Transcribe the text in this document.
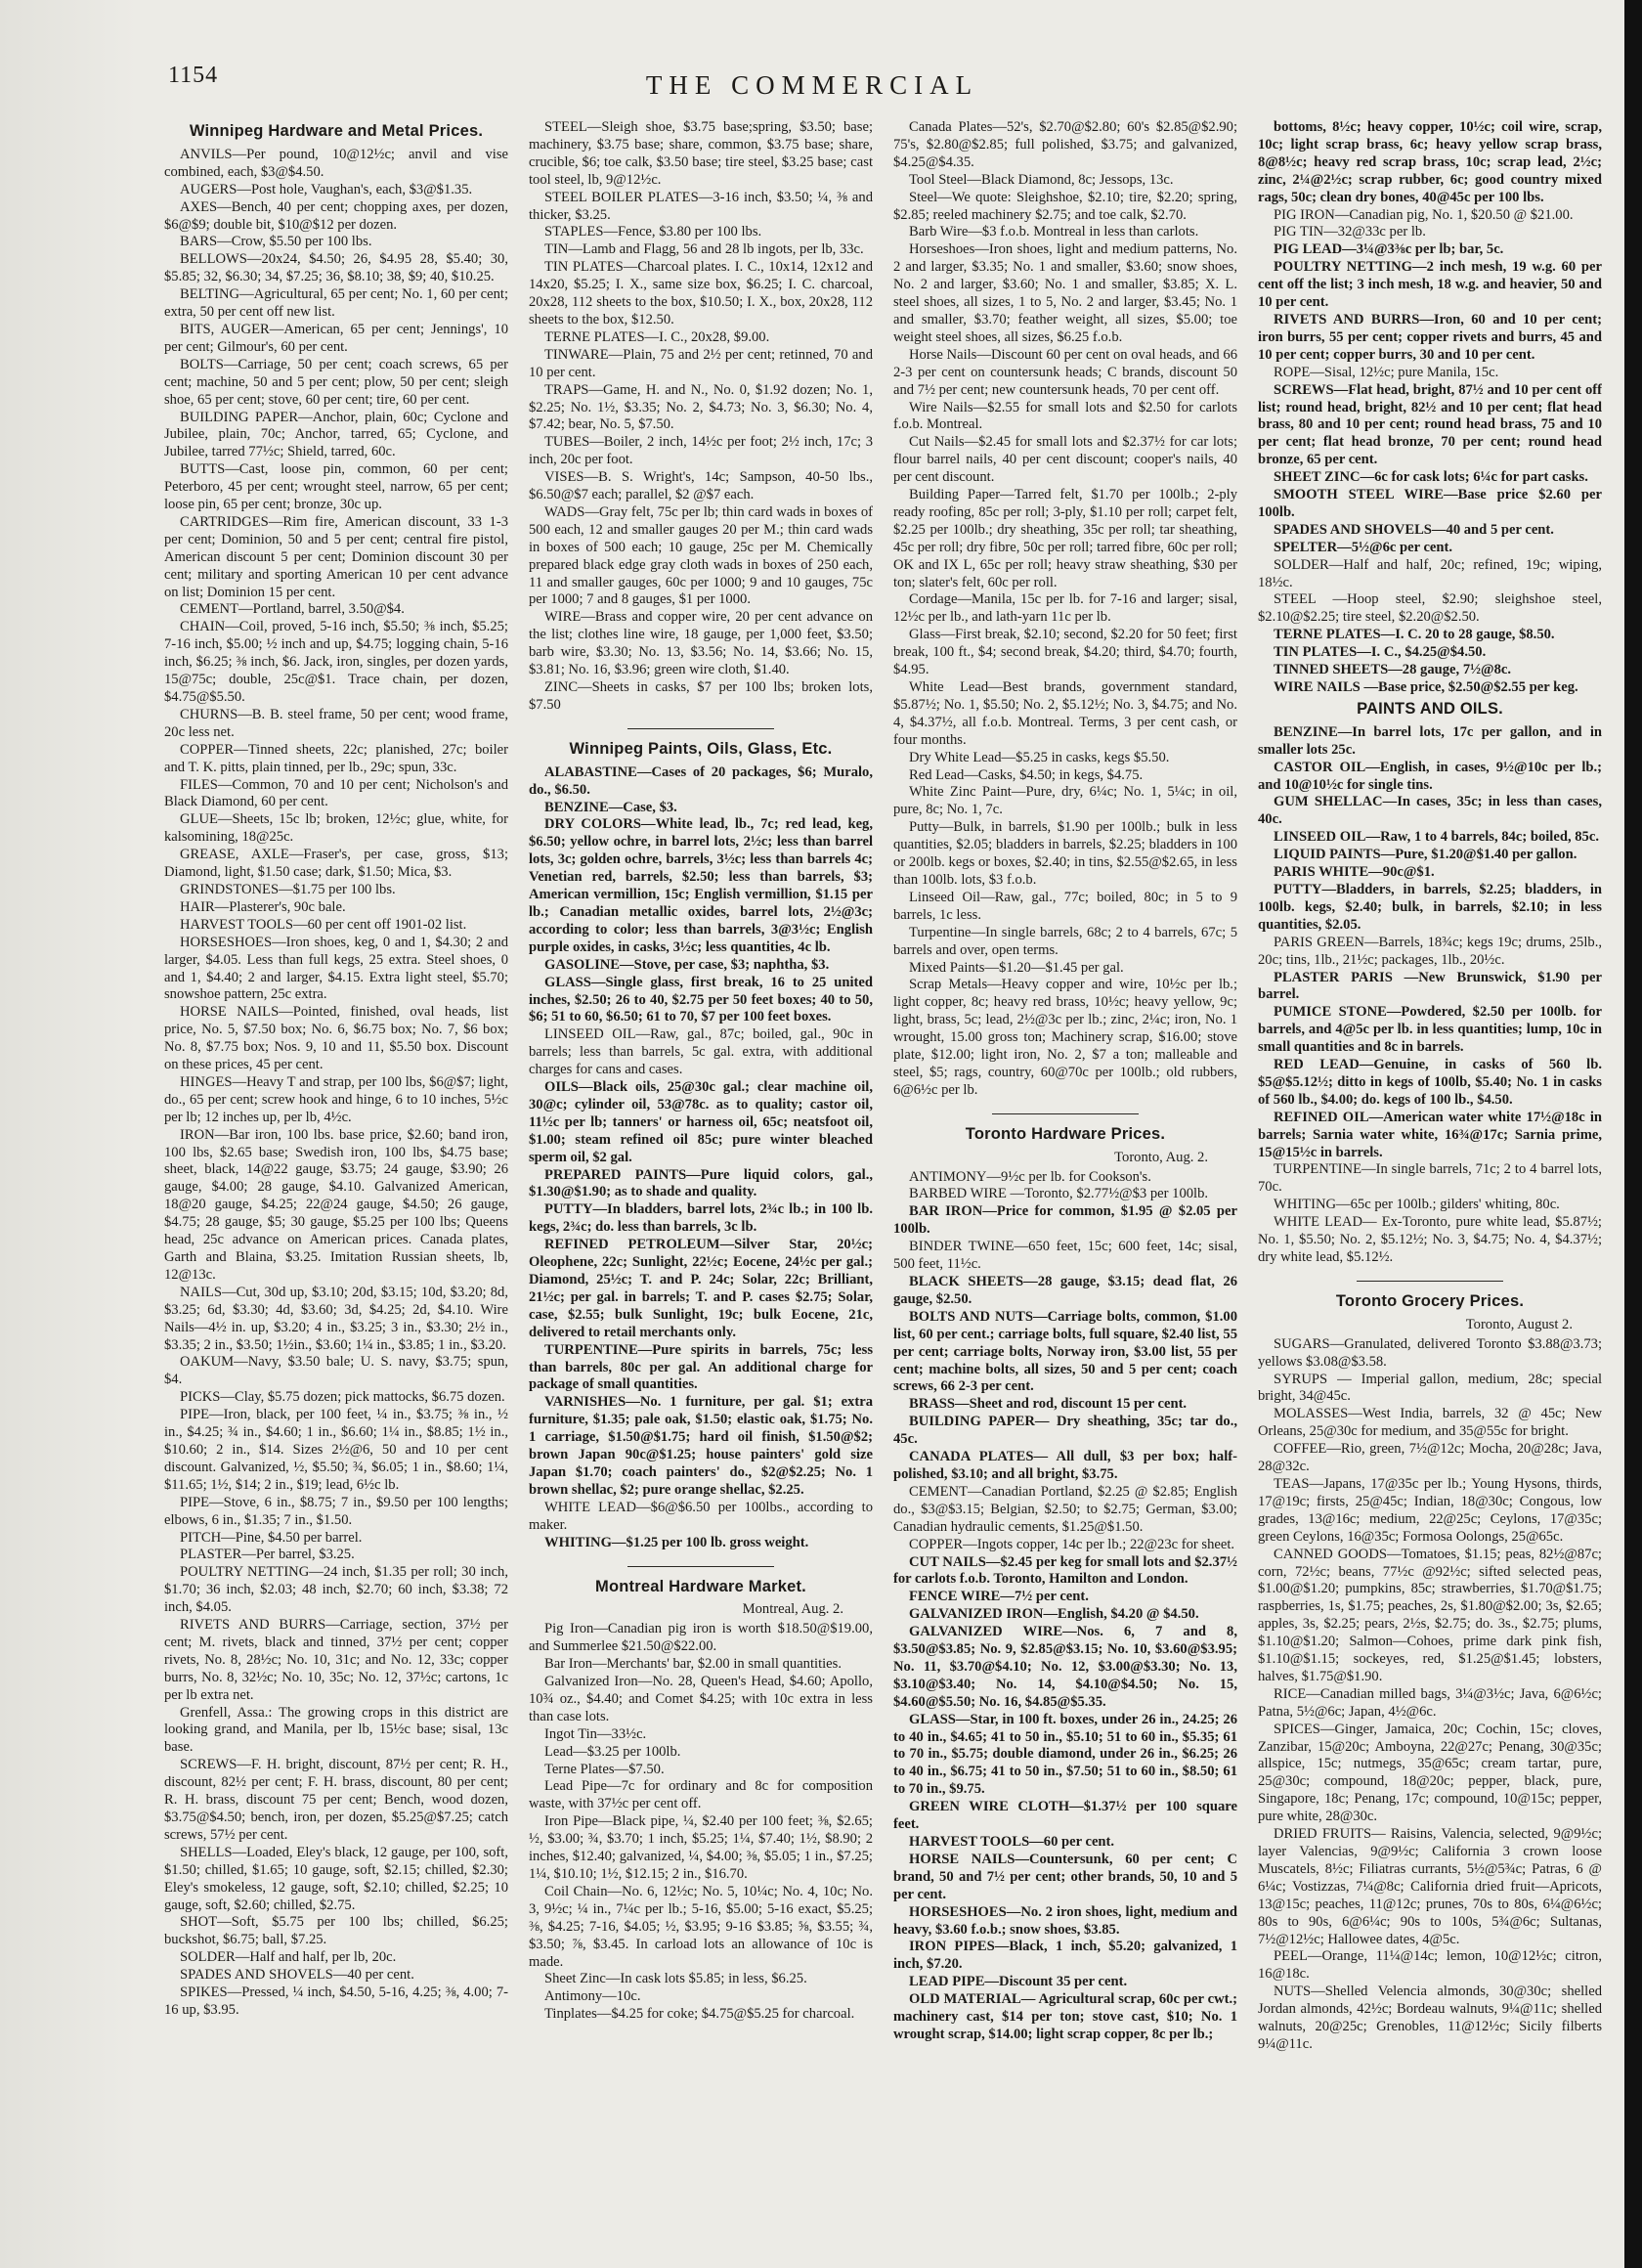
1154	THE COMMERCIAL
Winnipeg Hardware and Metal Prices.

ANVILS—Per pound, 10@12½c; anvil and vise combined, each, $3@$4.50.

AUGERS—Post hole, Vaughan's, each, $3@$1.35.

AXES—Bench, 40 per cent; chopping axes, per dozen, $6@$9; double bit, $10@$12 per dozen.

BARS—Crow, $5.50 per 100 lbs.

BELLOWS—20x24, $4.50; 26, $4.95 28, $5.40; 30, $5.85; 32, $6.30; 34, $7.25; 36, $8.10; 38, $9; 40, $10.25.

BELTING—Agricultural, 65 per cent; No. 1, 60 per cent; extra, 50 per cent off new list.

BITS, AUGER—American, 65 per cent; Jennings', 10 per cent; Gilmour's, 60 per cent.

BOLTS—Carriage, 50 per cent; coach screws, 65 per cent; machine, 50 and 5 per cent; plow, 50 per cent; sleigh shoe, 65 per cent; stove, 60 per cent; tire, 60 per cent.

BUILDING PAPER—Anchor, plain, 60c; Cyclone and Jubilee, plain, 70c; Anchor, tarred, 65; Cyclone, and Jubilee, tarred 77½c; Shield, tarred, 60c.

BUTTS—Cast, loose pin, common, 60 per cent; Peterboro, 45 per cent; wrought steel, narrow, 65 per cent; loose pin, 65 per cent; bronze, 30c up.

CARTRIDGES—Rim fire, American discount, 33 1-3 per cent; Dominion, 50 and 5 per cent; central fire pistol, American discount 5 per cent; Dominion discount 30 per cent; military and sporting American 10 per cent advance on list; Dominion 15 per cent.

CEMENT—Portland, barrel, 3.50@$4.

CHAIN—Coil, proved, 5-16 inch, $5.50; ⅜ inch, $5.25; 7-16 inch, $5.00; ½ inch and up, $4.75; logging chain, 5-16 inch, $6.25; ⅜ inch, $6. Jack, iron, singles, per dozen yards, 15@75c; double, 25c@$1. Trace chain, per dozen, $4.75@$5.50.

CHURNS—B. B. steel frame, 50 per cent; wood frame, 20c less net.

COPPER—Tinned sheets, 22c; planished, 27c; boiler and T. K. pitts, plain tinned, per lb., 29c; spun, 33c.

FILES—Common, 70 and 10 per cent; Nicholson's and Black Diamond, 60 per cent.

GLUE—Sheets, 15c lb; broken, 12½c; glue, white, for kalsomining, 18@25c.

GREASE, AXLE—Fraser's, per case, gross, $13; Diamond, light, $1.50 case; dark, $1.50; Mica, $3.

GRINDSTONES—$1.75 per 100 lbs.

HAIR—Plasterer's, 90c bale.

HARVEST TOOLS—60 per cent off 1901-02 list.

HORSESHOES—Iron shoes, keg, 0 and 1, $4.30; 2 and larger, $4.05. Less than full kegs, 25 extra. Steel shoes, 0 and 1, $4.40; 2 and larger, $4.15. Extra light steel, $5.70; snowshoe pattern, 25c extra.

HORSE NAILS—Pointed, finished, oval heads, list price, No. 5, $7.50 box; No. 6, $6.75 box; No. 7, $6 box; No. 8, $7.75 box; Nos. 9, 10 and 11, $5.50 box. Discount on these prices, 45 per cent.

HINGES—Heavy T and strap, per 100 lbs, $6@$7; light, do., 65 per cent; screw hook and hinge, 6 to 10 inches, 5½c per lb; 12 inches up, per lb, 4½c.

IRON—Bar iron, 100 lbs. base price, $2.60; band iron, 100 lbs, $2.65 base; Swedish iron, 100 lbs, $4.75 base; sheet, black, 14@22 gauge, $3.75; 24 gauge, $3.90; 26 gauge, $4.00; 28 gauge, $4.10. Galvanized American, 18@20 gauge, $4.25; 22@24 gauge, $4.50; 26 gauge, $4.75; 28 gauge, $5; 30 gauge, $5.25 per 100 lbs; Queens head, 25c advance on American prices. Canada plates, Garth and Blaina, $3.25. Imitation Russian sheets, lb, 12@13c.

NAILS—Cut, 30d up, $3.10; 20d, $3.15; 10d, $3.20; 8d, $3.25; 6d, $3.30; 4d, $3.60; 3d, $4.25; 2d, $4.10. Wire Nails—4½ in. up, $3.20; 4 in., $3.25; 3 in., $3.30; 2½ in., $3.35; 2 in., $3.50; 1½in., $3.60; 1¼ in., $3.85; 1 in., $3.20.

OAKUM—Navy, $3.50 bale; U. S. navy, $3.75; spun, $4.

PICKS—Clay, $5.75 dozen; pick mattocks, $6.75 dozen.

PIPE—Iron, black, per 100 feet, ¼ in., $3.75; ⅜ in., ½ in., $4.25; ¾ in., $4.60; 1 in., $6.60; 1¼ in., $8.85; 1½ in., $10.60; 2 in., $14. Sizes 2½@6, 50 and 10 per cent discount. Galvanized, ½, $5.50; ¾, $6.05; 1 in., $8.60; 1¼, $11.65; 1½, $14; 2 in., $19; lead, 6½c lb.

PIPE—Stove, 6 in., $8.75; 7 in., $9.50 per 100 lengths; elbows, 6 in., $1.35; 7 in., $1.50.

PITCH—Pine, $4.50 per barrel.

PLASTER—Per barrel, $3.25.

POULTRY NETTING—24 inch, $1.35 per roll; 30 inch, $1.70; 36 inch, $2.03; 48 inch, $2.70; 60 inch, $3.38; 72 inch, $4.05.

RIVETS AND BURRS—Carriage, section, 37½ per cent; M. rivets, black and tinned, 37½ per cent; copper rivets, No. 8, 28½c; No. 10, 31c; and No. 12, 33c; copper burrs, No. 8, 32½c; No. 10, 35c; No. 12, 37½c; cartons, 1c per lb extra net.

Grenfell, Assa.: The growing crops in this district are looking grand, and Manila, per lb, 15½c base; sisal, 13c base.

SCREWS—F. H. bright, discount, 87½ per cent; R. H., discount, 82½ per cent; F. H. brass, discount, 80 per cent; R. H. brass, discount 75 per cent; Bench, wood dozen, $3.75@$4.50; bench, iron, per dozen, $5.25@$7.25; catch screws, 57½ per cent.

SHELLS—Loaded, Eley's black, 12 gauge, per 100, soft, $1.50; chilled, $1.65; 10 gauge, soft, $2.15; chilled, $2.30; Eley's smokeless, 12 gauge, soft, $2.10; chilled, $2.25; 10 gauge, soft, $2.60; chilled, $2.75.

SHOT—Soft, $5.75 per 100 lbs; chilled, $6.25; buckshot, $6.75; ball, $7.25.

SOLDER—Half and half, per lb, 20c.

SPADES AND SHOVELS—40 per cent.

SPIKES—Pressed, ¼ inch, $4.50, 5-16, 4.25; ⅜, 4.00; 7-16 up, $3.95.

STEEL—Sleigh shoe, $3.75 base;spring, $3.50; base; machinery, $3.75 base; share, common, $3.75 base; share, crucible, $6; toe calk, $3.50 base; tire steel, $3.25 base; cast tool steel, lb, 9@12½c.

STEEL BOILER PLATES—3-16 inch, $3.50; ¼, ⅜ and thicker, $3.25.

STAPLES—Fence, $3.80 per 100 lbs.

TIN—Lamb and Flagg, 56 and 28 lb ingots, per lb, 33c.

TIN PLATES—Charcoal plates. I. C., 10x14, 12x12 and 14x20, $5.25; I. X., same size box, $6.25; I. C. charcoal, 20x28, 112 sheets to the box, $10.50; I. X., box, 20x28, 112 sheets to the box, $12.50.

TERNE PLATES—I. C., 20x28, $9.00.

TINWARE—Plain, 75 and 2½ per cent; retinned, 70 and 10 per cent.

TRAPS—Game, H. and N., No. 0, $1.92 dozen; No. 1, $2.25; No. 1½, $3.35; No. 2, $4.73; No. 3, $6.30; No. 4, $7.42; bear, No. 5, $7.50.

TUBES—Boiler, 2 inch, 14½c per foot; 2½ inch, 17c; 3 inch, 20c per foot.

VISES—B. S. Wright's, 14c; Sampson, 40-50 lbs., $6.50@$7 each; parallel, $2 @$7 each.

WADS—Gray felt, 75c per lb; thin card wads in boxes of 500 each, 12 and smaller gauges 20 per M.; thin card wads in boxes of 500 each; 10 gauge, 25c per M. Chemically prepared black edge gray cloth wads in boxes of 250 each, 11 and smaller gauges, 60c per 1000; 9 and 10 gauges, 75c per 1000; 7 and 8 gauges, $1 per 1000.

WIRE—Brass and copper wire, 20 per cent advance on the list; clothes line wire, 18 gauge, per 1,000 feet, $3.50; barb wire, $3.30; No. 13, $3.56; No. 14, $3.66; No. 15, $3.81; No. 16, $3.96; green wire cloth, $1.40.

ZINC—Sheets in casks, $7 per 100 lbs; broken lots, $7.50

Winnipeg Paints, Oils, Glass, Etc.

ALABASTINE—Cases of 20 packages, $6; Muralo, do., $6.50.

BENZINE—Case, $3.

DRY COLORS—White lead, lb., 7c; red lead, keg, $6.50; yellow ochre, in barrel lots, 2½c; less than barrel lots, 3c; golden ochre, barrels, 3½c; less than barrels 4c; Venetian red, barrels, $2.50; less than barrels, $3; American vermillion, 15c; English vermillion, $1.15 per lb.; Canadian metallic oxides, barrel lots, 2½@3c; according to color; less than barrels, 3@3½c; English purple oxides, in casks, 3½c; less quantities, 4c lb.

GASOLINE—Stove, per case, $3; naphtha, $3.

GLASS—Single glass, first break, 16 to 25 united inches, $2.50; 26 to 40, $2.75 per 50 feet boxes; 40 to 50, $6; 51 to 60, $6.50; 61 to 70, $7 per 100 feet boxes.

LINSEED OIL—Raw, gal., 87c; boiled, gal., 90c in barrels; less than barrels, 5c gal. extra, with additional charges for cans and cases.

OILS—Black oils, 25@30c gal.; clear machine oil, 30@c; cylinder oil, 53@78c. as to quality; castor oil, 11½c per lb; tanners' or harness oil, 65c; neatsfoot oil, $1.00; steam refined oil 85c; pure winter bleached sperm oil, $2 gal.

PREPARED PAINTS—Pure liquid colors, gal., $1.30@$1.90; as to shade and quality.

PUTTY—In bladders, barrel lots, 2¾c lb.; in 100 lb. kegs, 2¾c; do. less than barrels, 3c lb.

REFINED PETROLEUM—Silver Star, 20½c; Oleophene, 22c; Sunlight, 22½c; Eocene, 24½c per gal.; Diamond, 25½c; T. and P. 24c; Solar, 22c; Brilliant, 21½c; per gal. in barrels; T. and P. cases $2.75; Solar, case, $2.55; bulk Sunlight, 19c; bulk Eocene, 21c, delivered to retail merchants only.

TURPENTINE—Pure spirits in barrels, 75c; less than barrels, 80c per gal. An additional charge for package of small quantities.

VARNISHES—No. 1 furniture, per gal. $1; extra furniture, $1.35; pale oak, $1.50; elastic oak, $1.75; No. 1 carriage, $1.50@$1.75; hard oil finish, $1.50@$2; brown Japan 90c@$1.25; house painters' gold size Japan $1.70; coach painters' do., $2@$2.25; No. 1 brown shellac, $2; pure orange shellac, $2.25.

WHITE LEAD—$6@$6.50 per 100lbs., according to maker.

WHITING—$1.25 per 100 lb. gross weight.

Montreal Hardware Market.

Montreal, Aug. 2.

Pig Iron—Canadian pig iron is worth $18.50@$19.00, and Summerlee $21.50@$22.00.

Bar Iron—Merchants' bar, $2.00 in small quantities.

Galvanized Iron—No. 28, Queen's Head, $4.60; Apollo, 10¾ oz., $4.40; and Comet $4.25; with 10c extra in less than case lots.

Ingot Tin—33½c.

Lead—$3.25 per 100lb.

Terne Plates—$7.50.

Lead Pipe—7c for ordinary and 8c for composition waste, with 37½c per cent off.

Iron Pipe—Black pipe, ¼, $2.40 per 100 feet; ⅜, $2.65; ½, $3.00; ¾, $3.70; 1 inch, $5.25; 1¼, $7.40; 1½, $8.90; 2 inches, $12.40; galvanized, ¼, $4.00; ⅜, $5.05; 1 in., $7.25; 1¼, $10.10; 1½, $12.15; 2 in., $16.70.

Coil Chain—No. 6, 12½c; No. 5, 10¼c; No. 4, 10c; No. 3, 9½c; ¼ in., 7¼c per lb.; 5-16, $5.00; 5-16 exact, $5.25; ⅜, $4.25; 7-16, $4.05; ½, $3.95; 9-16 $3.85; ⅝, $3.55; ¾, $3.50; ⅞, $3.45. In carload lots an allowance of 10c is made.

Sheet Zinc—In cask lots $5.85; in less, $6.25.

Antimony—10c.

Tinplates—$4.25 for coke; $4.75@$5.25 for charcoal.

Canada Plates—52's, $2.70@$2.80; 60's $2.85@$2.90; 75's, $2.80@$2.85; full polished, $3.75; and galvanized, $4.25@$4.35.

Tool Steel—Black Diamond, 8c; Jessops, 13c.

Steel—We quote: Sleighshoe, $2.10; tire, $2.20; spring, $2.85; reeled machinery $2.75; and toe calk, $2.70.

Barb Wire—$3 f.o.b. Montreal in less than carlots.

Horseshoes—Iron shoes, light and medium patterns, No. 2 and larger, $3.35; No. 1 and smaller, $3.60; snow shoes, No. 2 and larger, $3.60; No. 1 and smaller, $3.85; X. L. steel shoes, all sizes, 1 to 5, No. 2 and larger, $3.45; No. 1 and smaller, $3.70; feather weight, all sizes, $5.00; toe weight steel shoes, all sizes, $6.25 f.o.b.

Horse Nails—Discount 60 per cent on oval heads, and 66 2-3 per cent on countersunk heads; C brands, discount 50 and 7½ per cent; new countersunk heads, 70 per cent off.

Wire Nails—$2.55 for small lots and $2.50 for carlots f.o.b. Montreal.

Cut Nails—$2.45 for small lots and $2.37½ for car lots; flour barrel nails, 40 per cent discount; cooper's nails, 40 per cent discount.

Building Paper—Tarred felt, $1.70 per 100lb.; 2-ply ready roofing, 85c per roll; 3-ply, $1.10 per roll; carpet felt, $2.25 per 100lb.; dry sheathing, 35c per roll; tar sheathing, 45c per roll; dry fibre, 50c per roll; tarred fibre, 60c per roll; OK and IX L, 65c per roll; heavy straw sheathing, $30 per ton; slater's felt, 60c per roll.

Cordage—Manila, 15c per lb. for 7-16 and larger; sisal, 12½c per lb., and lath-yarn 11c per lb.

Glass—First break, $2.10; second, $2.20 for 50 feet; first break, 100 ft., $4; second break, $4.20; third, $4.70; fourth, $4.95.

White Lead—Best brands, government standard, $5.87½; No. 1, $5.50; No. 2, $5.12½; No. 3, $4.75; and No. 4, $4.37½, all f.o.b. Montreal. Terms, 3 per cent cash, or four months.

Dry White Lead—$5.25 in casks, kegs $5.50.

Red Lead—Casks, $4.50; in kegs, $4.75.

White Zinc Paint—Pure, dry, 6¼c; No. 1, 5¼c; in oil, pure, 8c; No. 1, 7c.

Putty—Bulk, in barrels, $1.90 per 100lb.; bulk in less quantities, $2.05; bladders in barrels, $2.25; bladders in 100 or 200lb. kegs or boxes, $2.40; in tins, $2.55@$2.65, in less than 100lb. lots, $3 f.o.b.

Linseed Oil—Raw, gal., 77c; boiled, 80c; in 5 to 9 barrels, 1c less.

Turpentine—In single barrels, 68c; 2 to 4 barrels, 67c; 5 barrels and over, open terms.

Mixed Paints—$1.20—$1.45 per gal.

Scrap Metals—Heavy copper and wire, 10½c per lb.; light copper, 8c; heavy red brass, 10½c; heavy yellow, 9c; light, brass, 5c; lead, 2½@3c per lb.; zinc, 2¼c; iron, No. 1 wrought, 15.00 gross ton; Machinery scrap, $16.00; stove plate, $12.00; light iron, No. 2, $7 a ton; malleable and steel, $5; rags, country, 60@70c per 100lb.; old rubbers, 6@6½c per lb.

Toronto Hardware Prices.

Toronto, Aug. 2.

ANTIMONY—9½c per lb. for Cookson's.

BARBED WIRE —Toronto, $2.77½@$3 per 100lb.

BAR IRON—Price for common, $1.95 @ $2.05 per 100lb.

BINDER TWINE—650 feet, 15c; 600 feet, 14c; sisal, 500 feet, 11½c.

BLACK SHEETS—28 gauge, $3.15; dead flat, 26 gauge, $2.50.

BOLTS AND NUTS—Carriage bolts, common, $1.00 list, 60 per cent.; carriage bolts, full square, $2.40 list, 55 per cent; carriage bolts, Norway iron, $3.00 list, 55 per cent; machine bolts, all sizes, 50 and 5 per cent; coach screws, 66 2-3 per cent.

BRASS—Sheet and rod, discount 15 per cent.

BUILDING PAPER— Dry sheathing, 35c; tar do., 45c.

CANADA PLATES— All dull, $3 per box; half-polished, $3.10; and all bright, $3.75.

CEMENT—Canadian Portland, $2.25 @ $2.85; English do., $3@$3.15; Belgian, $2.50; to $2.75; German, $3.00; Canadian hydraulic cements, $1.25@$1.50.

COPPER—Ingots copper, 14c per lb.; 22@23c for sheet.

CUT NAILS—$2.45 per keg for small lots and $2.37½ for carlots f.o.b. Toronto, Hamilton and London.

FENCE WIRE—7½ per cent.

GALVANIZED IRON—English, $4.20 @ $4.50.

GALVANIZED WIRE—Nos. 6, 7 and 8, $3.50@$3.85; No. 9, $2.85@$3.15; No. 10, $3.60@$3.95; No. 11, $3.70@$4.10; No. 12, $3.00@$3.30; No. 13, $3.10@$3.40; No. 14, $4.10@$4.50; No. 15, $4.60@$5.50; No. 16, $4.85@$5.35.

GLASS—Star, in 100 ft. boxes, under 26 in., 24.25; 26 to 40 in., $4.65; 41 to 50 in., $5.10; 51 to 60 in., $5.35; 61 to 70 in., $5.75; double diamond, under 26 in., $6.25; 26 to 40 in., $6.75; 41 to 50 in., $7.50; 51 to 60 in., $8.50; 61 to 70 in., $9.75.

GREEN WIRE CLOTH—$1.37½ per 100 square feet.

HARVEST TOOLS—60 per cent.

HORSE NAILS—Countersunk, 60 per cent; C brand, 50 and 7½ per cent; other brands, 50, 10 and 5 per cent.

HORSESHOES—No. 2 iron shoes, light, medium and heavy, $3.60 f.o.b.; snow shoes, $3.85.

IRON PIPES—Black, 1 inch, $5.20; galvanized, 1 inch, $7.20.

LEAD PIPE—Discount 35 per cent.

OLD MATERIAL— Agricultural scrap, 60c per cwt.; machinery cast, $14 per ton; stove cast, $10; No. 1 wrought scrap, $14.00; light scrap copper, 8c per lb.;

bottoms, 8½c; heavy copper, 10½c; coil wire, scrap, 10c; light scrap brass, 6c; heavy yellow scrap brass, 8@8½c; heavy red scrap brass, 10c; scrap lead, 2½c; zinc, 2¼@2½c; scrap rubber, 6c; good country mixed rags, 50c; clean dry bones, 40@45c per 100 lbs.

PIG IRON—Canadian pig, No. 1, $20.50 @ $21.00.

PIG TIN—32@33c per lb.

PIG LEAD—3¼@3⅜c per lb; bar, 5c.

POULTRY NETTING—2 inch mesh, 19 w.g. 60 per cent off the list; 3 inch mesh, 18 w.g. and heavier, 50 and 10 per cent.

RIVETS AND BURRS—Iron, 60 and 10 per cent; iron burrs, 55 per cent; copper rivets and burrs, 45 and 10 per cent; copper burrs, 30 and 10 per cent.

ROPE—Sisal, 12½c; pure Manila, 15c.

SCREWS—Flat head, bright, 87½ and 10 per cent off list; round head, bright, 82½ and 10 per cent; flat head brass, 80 and 10 per cent; round head brass, 75 and 10 per cent; flat head bronze, 70 per cent; round head bronze, 65 per cent.

SHEET ZINC—6c for cask lots; 6¼c for part casks.

SMOOTH STEEL WIRE—Base price $2.60 per 100lb.

SPADES AND SHOVELS—40 and 5 per cent.

SPELTER—5½@6c per cent.

SOLDER—Half and half, 20c; refined, 19c; wiping, 18½c.

STEEL —Hoop steel, $2.90; sleighshoe steel, $2.10@$2.25; tire steel, $2.20@$2.50.

TERNE PLATES—I. C. 20 to 28 gauge, $8.50.

TIN PLATES—I. C., $4.25@$4.50.

TINNED SHEETS—28 gauge, 7½@8c.

WIRE NAILS —Base price, $2.50@$2.55 per keg.

PAINTS AND OILS.

BENZINE—In barrel lots, 17c per gallon, and in smaller lots 25c.

CASTOR OIL—English, in cases, 9½@10c per lb.; and 10@10½c for single tins.

GUM SHELLAC—In cases, 35c; in less than cases, 40c.

LINSEED OIL—Raw, 1 to 4 barrels, 84c; boiled, 85c.

LIQUID PAINTS—Pure, $1.20@$1.40 per gallon.

PARIS WHITE—90c@$1.

PUTTY—Bladders, in barrels, $2.25; bladders, in 100lb. kegs, $2.40; bulk, in barrels, $2.10; in less quantities, $2.05.

PARIS GREEN—Barrels, 18¾c; kegs 19c; drums, 25lb., 20c; tins, 1lb., 21½c; packages, 1lb., 20½c.

PLASTER PARIS —New Brunswick, $1.90 per barrel.

PUMICE STONE—Powdered, $2.50 per 100lb. for barrels, and 4@5c per lb. in less quantities; lump, 10c in small quantities and 8c in barrels.

RED LEAD—Genuine, in casks of 560 lb. $5@$5.12½; ditto in kegs of 100lb, $5.40; No. 1 in casks of 560 lb., $4.00; do. kegs of 100 lb., $4.50.

REFINED OIL—American water white 17½@18c in barrels; Sarnia water white, 16¾@17c; Sarnia prime, 15@15½c in barrels.

TURPENTINE—In single barrels, 71c; 2 to 4 barrel lots, 70c.

WHITING—65c per 100lb.; gilders' whiting, 80c.

WHITE LEAD— Ex-Toronto, pure white lead, $5.87½; No. 1, $5.50; No. 2, $5.12½; No. 3, $4.75; No. 4, $4.37½; dry white lead, $5.12½.

Toronto Grocery Prices.

Toronto, August 2.

SUGARS—Granulated, delivered Toronto $3.88@3.73; yellows $3.08@$3.58.

SYRUPS — Imperial gallon, medium, 28c; special bright, 34@45c.

MOLASSES—West India, barrels, 32 @ 45c; New Orleans, 25@30c for medium, and 35@55c for bright.

COFFEE—Rio, green, 7½@12c; Mocha, 20@28c; Java, 28@32c.

TEAS—Japans, 17@35c per lb.; Young Hysons, thirds, 17@19c; firsts, 25@45c; Indian, 18@30c; Congous, low grades, 13@16c; medium, 22@25c; Ceylons, 17@35c; green Ceylons, 16@35c; Formosa Oolongs, 25@65c.

CANNED GOODS—Tomatoes, $1.15; peas, 82½@87c; corn, 72½c; beans, 77½c @92½c; sifted selected peas, $1.00@$1.20; pumpkins, 85c; strawberries, $1.70@$1.75; raspberries, 1s, $1.75; peaches, 2s, $1.80@$2.00; 3s, $2.65; apples, 3s, $2.25; pears, 2½s, $2.75; do. 3s., $2.75; plums, $1.10@$1.20; Salmon—Cohoes, prime dark pink fish, $1.10@$1.15; sockeyes, red, $1.25@$1.45; lobsters, halves, $1.75@$1.90.

RICE—Canadian milled bags, 3¼@3½c; Java, 6@6½c; Patna, 5½@6c; Japan, 4½@6c.

SPICES—Ginger, Jamaica, 20c; Cochin, 15c; cloves, Zanzibar, 15@20c; Amboyna, 22@27c; Penang, 30@35c; allspice, 15c; nutmegs, 35@65c; cream tartar, pure, 25@30c; compound, 18@20c; pepper, black, pure, Singapore, 18c; Penang, 17c; compound, 10@15c; pepper, pure white, 28@30c.

DRIED FRUITS— Raisins, Valencia, selected, 9@9½c; layer Valencias, 9@9½c; California 3 crown loose Muscatels, 8½c; Filiatras currants, 5½@5¾c; Patras, 6 @ 6¼c; Vostizzas, 7¼@8c; California dried fruit—Apricots, 13@15c; peaches, 11@12c; prunes, 70s to 80s, 6¼@6½c; 80s to 90s, 6@6¼c; 90s to 100s, 5¾@6c; Sultanas, 7½@12½c; Hallowee dates, 4@5c.

PEEL—Orange, 11¼@14c; lemon, 10@12½c; citron, 16@18c.

NUTS—Shelled Velencia almonds, 30@30c; shelled Jordan almonds, 42½c; Bordeau walnuts, 9¼@11c; shelled walnuts, 20@25c; Grenobles, 11@12½c; Sicily filberts 9¼@11c.
